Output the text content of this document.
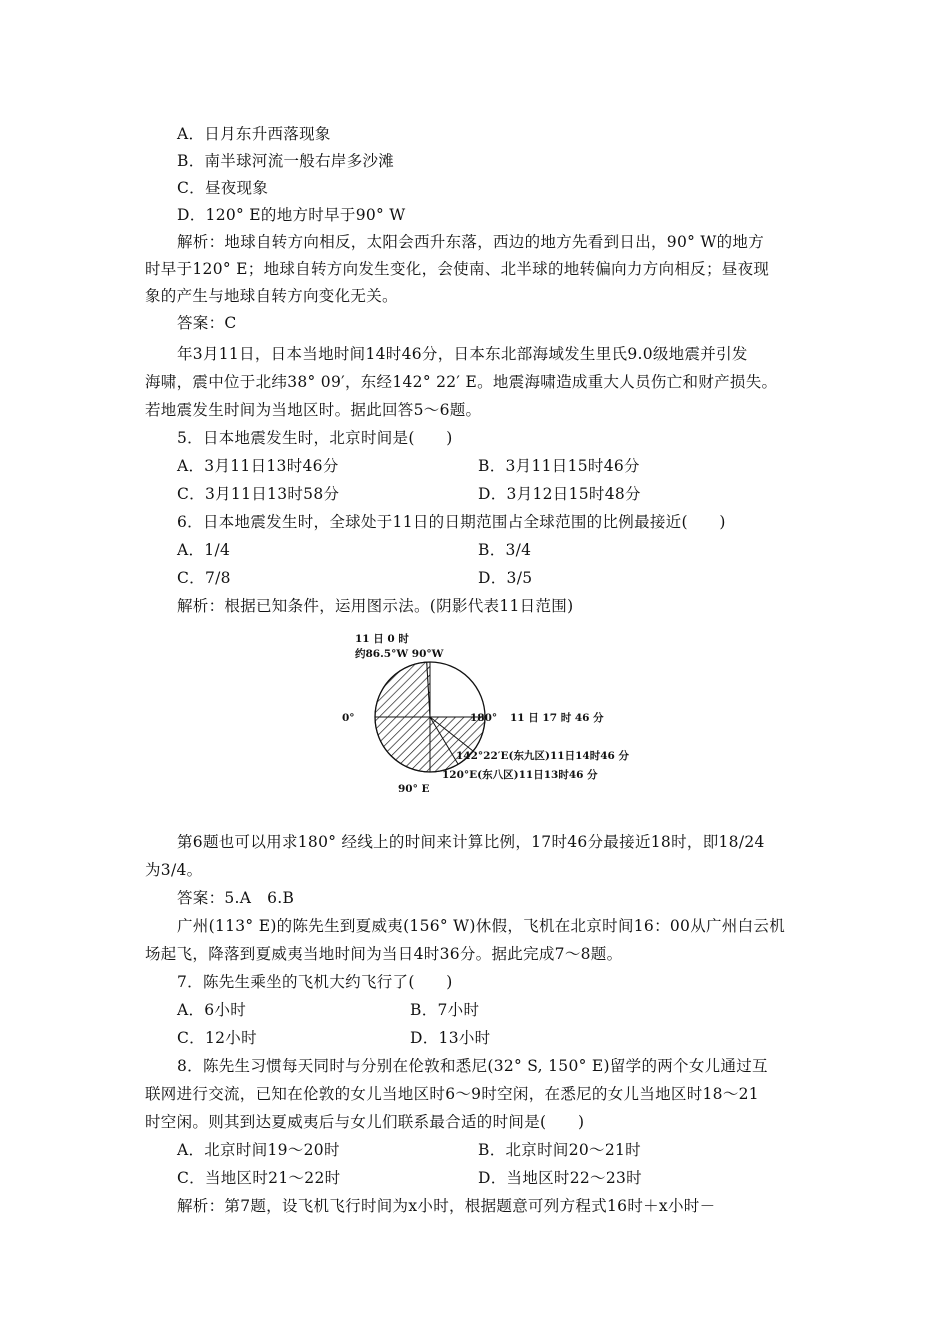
A．日月东升西落现象
B．南半球河流一般右岸多沙滩
C．昼夜现象
D．120° E的地方时早于90° W
解析：地球自转方向相反，太阳会西升东落，西边的地方先看到日出，90° W的地方
时早于120° E；地球自转方向发生变化，会使南、北半球的地转偏向力方向相反；昼夜现
象的产生与地球自转方向变化无关。
答案：C
年3月11日，日本当地时间14时46分，日本东北部海域发生里氏9.0级地震并引发
海啸，震中位于北纬38° 09′，东经142° 22′ E。地震海啸造成重大人员伤亡和财产损失。
若地震发生时间为当地区时。据此回答5～6题。
5．日本地震发生时，北京时间是(　　)
A．3月11日13时46分	B．3月11日15时46分
C．3月11日13时58分	D．3月12日15时48分
6．日本地震发生时，全球处于11日的日期范围占全球范围的比例最接近(　　)
A．1/4	B．3/4
C．7/8	D．3/5
解析：根据已知条件，运用图示法。(阴影代表11日范围)
11 日 0 时
约86.5°W 90°W
0°	180° 11 日 17 时 46 分
142°22′E(东九区)11日14时46 分
120°E(东八区)11日13时46 分
90° E
第6题也可以用求180° 经线上的时间来计算比例，17时46分最接近18时，即18/24
为3/4。
答案：5.A　6.B
广州(113° E)的陈先生到夏威夷(156° W)休假，飞机在北京时间16：00从广州白云机
场起飞，降落到夏威夷当地时间为当日4时36分。据此完成7～8题。
7．陈先生乘坐的飞机大约飞行了(　　)
A．6小时	B．7小时
C．12小时	D．13小时
8．陈先生习惯每天同时与分别在伦敦和悉尼(32° S, 150° E)留学的两个女儿通过互
联网进行交流，已知在伦敦的女儿当地区时6～9时空闲，在悉尼的女儿当地区时18～21
时空闲。则其到达夏威夷后与女儿们联系最合适的时间是(　　)
A．北京时间19～20时	B．北京时间20～21时
C．当地区时21～22时	D．当地区时22～23时
解析：第7题，设飞机飞行时间为x小时，根据题意可列方程式16时＋x小时－
